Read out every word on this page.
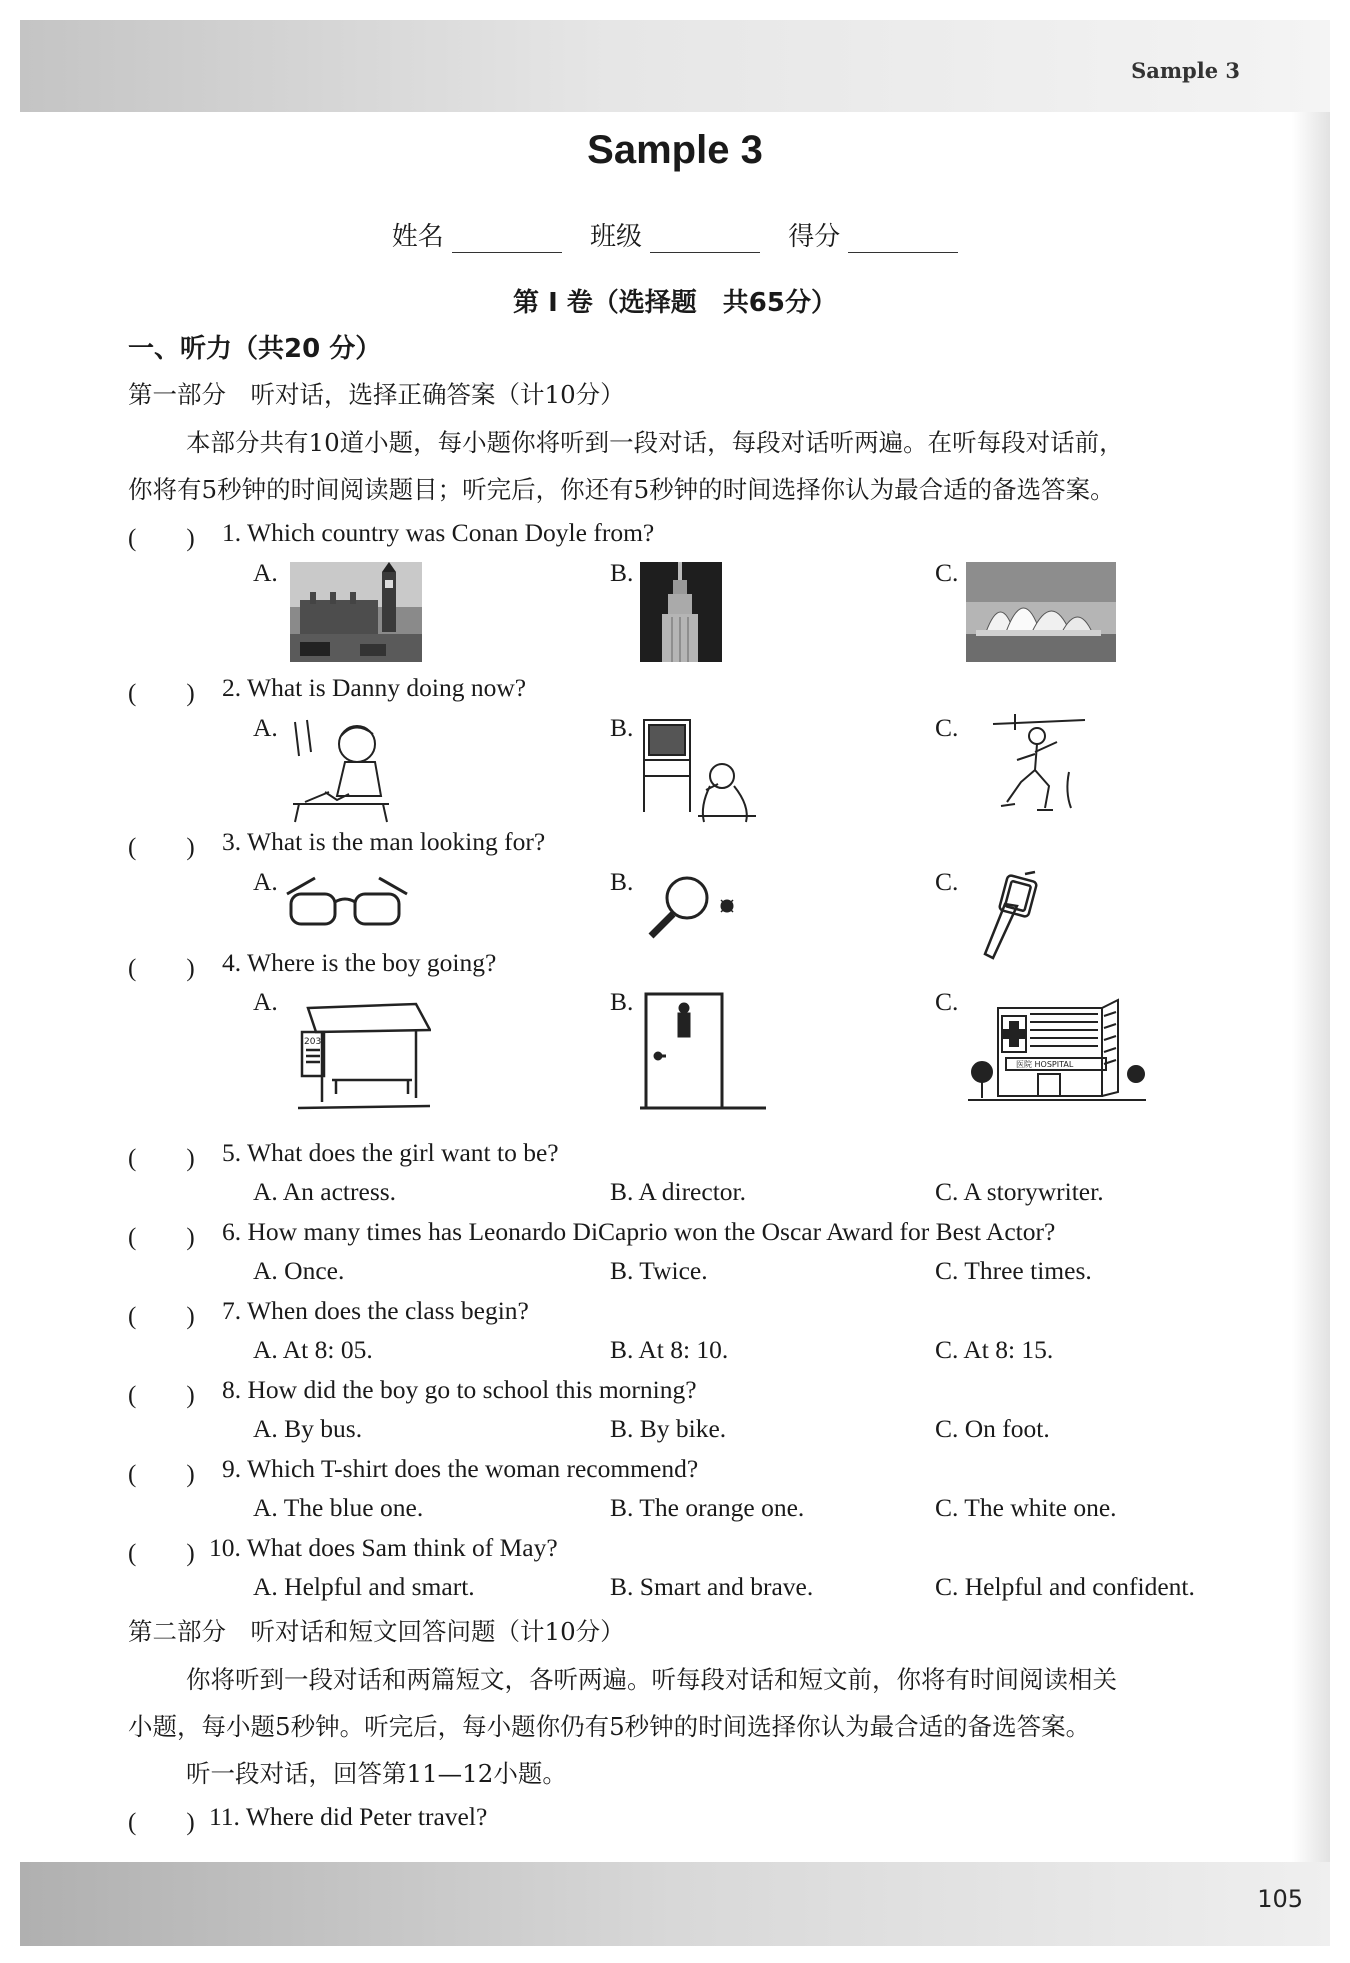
Sample 3
105
Sample 3
姓名	班级	得分
第 I 卷（选择题　共65分）
一、听力（共20 分）
第一部分　听对话，选择正确答案（计10分）
本部分共有10道小题，每小题你将听到一段对话，每段对话听两遍。在听每段对话前，
你将有5秒钟的时间阅读题目；听完后，你还有5秒钟的时间选择你认为最合适的备选答案。
(　　) 1. Which country was Conan Doyle from?
A.	B.	C.
(　　) 2. What is Danny doing now?
A.	B.	C.
(　　) 3. What is the man looking for?
A.	B.	C.
(　　) 4. Where is the boy going?
A.	B.	C.
203
医院 HOSPITAL
(　　) 5. What does the girl want to be?
A. An actress.	B. A director.	C. A storywriter.
(　　) 6. How many times has Leonardo DiCaprio won the Oscar Award for Best Actor?
A. Once.	B. Twice.	C. Three times.
(　　) 7. When does the class begin?
A. At 8: 05.	B. At 8: 10.	C. At 8: 15.
(　　) 8. How did the boy go to school this morning?
A. By bus.	B. By bike.	C. On foot.
(　　) 9. Which T-shirt does the woman recommend?
A. The blue one.	B. The orange one.	C. The white one.
(　　) 10. What does Sam think of May?
A. Helpful and smart.	B. Smart and brave.	C. Helpful and confident.
第二部分　听对话和短文回答问题（计10分）
你将听到一段对话和两篇短文，各听两遍。听每段对话和短文前，你将有时间阅读相关
小题，每小题5秒钟。听完后，每小题你仍有5秒钟的时间选择你认为最合适的备选答案。
听一段对话，回答第11—12小题。
(　　) 11. Where did Peter travel?
